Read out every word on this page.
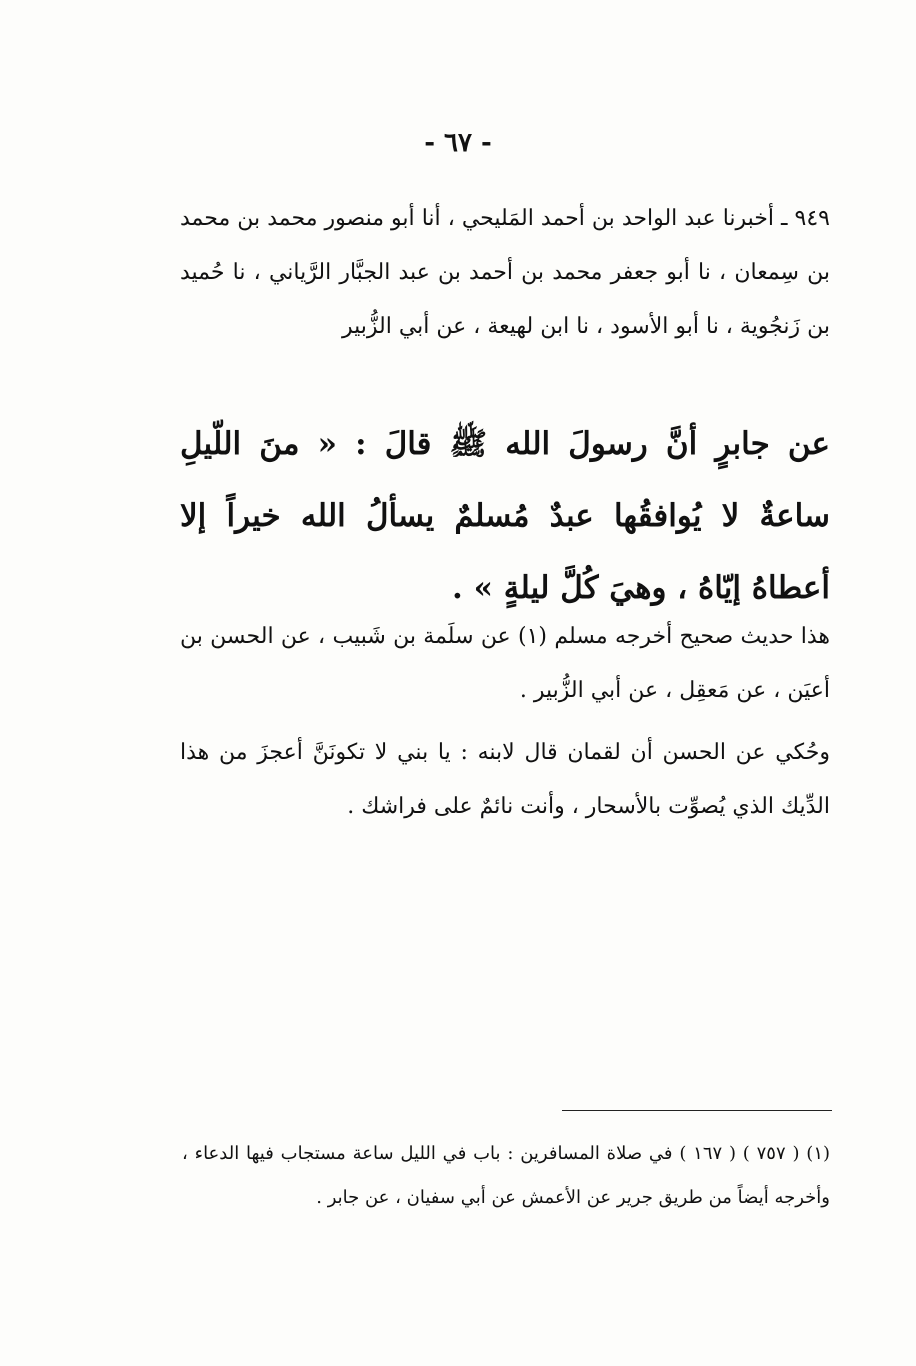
- ٦٧ -

٩٤٩ ـ أخبرنا عبد الواحد بن أحمد المَليحي ، أنا أبو منصور محمد بن محمد بن سِمعان ، نا أبو جعفر محمد بن أحمد بن عبد الجبَّار الرَّياني ، نا حُميد بن زَنجُوية ، نا أبو الأسود ، نا ابن لهيعة ، عن أبي الزُّبير

عن جابرٍ أنَّ رسولَ الله ﷺ قالَ : « منَ اللّيلِ ساعةٌ لا يُوافقُها عبدٌ مُسلمٌ يسألُ الله خيراً إلا أعطاهُ إيّاهُ ، وهيَ كُلَّ ليلةٍ » .

هذا حديث صحيح أخرجه مسلم (١) عن سلَمة بن شَبيب ، عن الحسن بن أعيَن ، عن مَعقِل ، عن أبي الزُّبير .

وحُكي عن الحسن أن لقمان قال لابنه : يا بني لا تكونَنَّ أعجزَ من هذا الدِّيك الذي يُصوِّت بالأسحار ، وأنت نائمٌ على فراشك .

(١) ( ٧٥٧ ) ( ١٦٧ ) في صلاة المسافرين : باب في الليل ساعة مستجاب فيها الدعاء ، وأخرجه أيضاً من طريق جرير عن الأعمش عن أبي سفيان ، عن جابر .
